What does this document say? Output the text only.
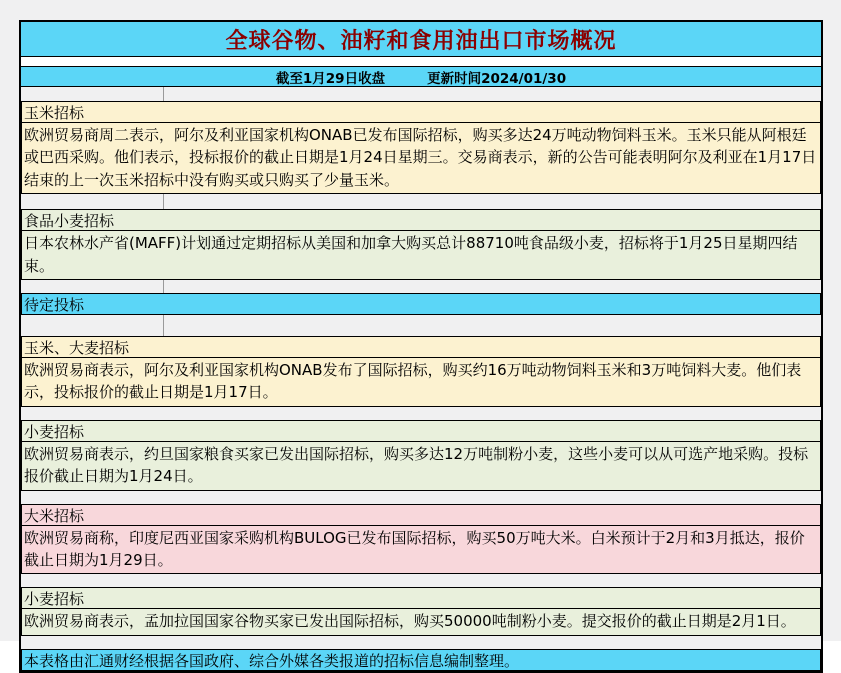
全球谷物、油籽和食用油出口市场概况
截至1月29日收盘	更新时间2024/01/30
玉米招标
欧洲贸易商周二表示，阿尔及利亚国家机构ONAB已发布国际招标，购买多达24万吨动物饲料玉米。玉米只能从阿根廷或巴西采购。他们表示，投标报价的截止日期是1月24日星期三。交易商表示，新的公告可能表明阿尔及利亚在1月17日结束的上一次玉米招标中没有购买或只购买了少量玉米。
食品小麦招标
日本农林水产省(MAFF)计划通过定期招标从美国和加拿大购买总计88710吨食品级小麦，招标将于1月25日星期四结束。
待定投标
玉米、大麦招标
欧洲贸易商表示，阿尔及利亚国家机构ONAB发布了国际招标，购买约16万吨动物饲料玉米和3万吨饲料大麦。他们表示，投标报价的截止日期是1月17日。
小麦招标
欧洲贸易商表示，约旦国家粮食买家已发出国际招标，购买多达12万吨制粉小麦，这些小麦可以从可选产地采购。投标报价截止日期为1月24日。
大米招标
欧洲贸易商称，印度尼西亚国家采购机构BULOG已发布国际招标，购买50万吨大米。白米预计于2月和3月抵达，报价截止日期为1月29日。
小麦招标
欧洲贸易商表示，孟加拉国国家谷物买家已发出国际招标，购买50000吨制粉小麦。提交报价的截止日期是2月1日。
本表格由汇通财经根据各国政府、综合外媒各类报道的招标信息编制整理。
